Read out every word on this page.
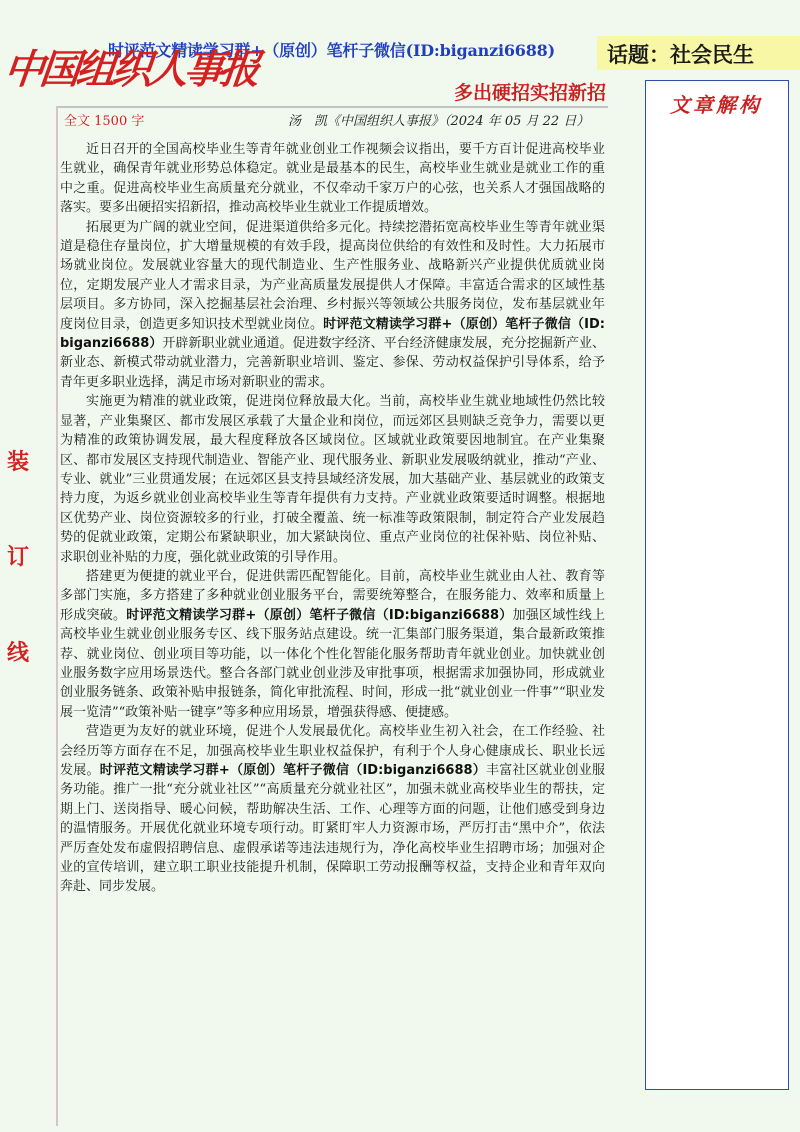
时评范文精读学习群+（原创）笔杆子微信(ID:biganzi6688)
中国组织人事报	话题：社会民生
多出硬招实招新招
全文 1500 字	汤　凯《中国组织人事报》（2024 年 05 月 22 日）
装
订
线
文章解构

近日召开的全国高校毕业生等青年就业创业工作视频会议指出，要千方百计促进高校毕业生就业，确保青年就业形势总体稳定。就业是最基本的民生，高校毕业生就业是就业工作的重中之重。促进高校毕业生高质量充分就业，不仅牵动千家万户的心弦，也关系人才强国战略的落实。要多出硬招实招新招，推动高校毕业生就业工作提质增效。

拓展更为广阔的就业空间，促进渠道供给多元化。持续挖潜拓宽高校毕业生等青年就业渠道是稳住存量岗位，扩大增量规模的有效手段，提高岗位供给的有效性和及时性。大力拓展市场就业岗位。发展就业容量大的现代制造业、生产性服务业、战略新兴产业提供优质就业岗位，定期发展产业人才需求目录，为产业高质量发展提供人才保障。丰富适合需求的区域性基层项目。多方协同，深入挖掘基层社会治理、乡村振兴等领域公共服务岗位，发布基层就业年度岗位目录，创造更多知识技术型就业岗位。时评范文精读学习群+（原创）笔杆子微信（ID:biganzi6688）开辟新职业就业通道。促进数字经济、平台经济健康发展，充分挖掘新产业、新业态、新模式带动就业潜力，完善新职业培训、鉴定、参保、劳动权益保护引导体系，给予青年更多职业选择，满足市场对新职业的需求。

实施更为精准的就业政策，促进岗位释放最大化。当前，高校毕业生就业地域性仍然比较显著，产业集聚区、都市发展区承载了大量企业和岗位，而远郊区县则缺乏竞争力，需要以更为精准的政策协调发展，最大程度释放各区域岗位。区域就业政策要因地制宜。在产业集聚区、都市发展区支持现代制造业、智能产业、现代服务业、新职业发展吸纳就业，推动“产业、专业、就业”三业贯通发展；在远郊区县支持县域经济发展，加大基础产业、基层就业的政策支持力度，为返乡就业创业高校毕业生等青年提供有力支持。产业就业政策要适时调整。根据地区优势产业、岗位资源较多的行业，打破全覆盖、统一标准等政策限制，制定符合产业发展趋势的促就业政策，定期公布紧缺职业，加大紧缺岗位、重点产业岗位的社保补贴、岗位补贴、求职创业补贴的力度，强化就业政策的引导作用。

搭建更为便捷的就业平台，促进供需匹配智能化。目前，高校毕业生就业由人社、教育等多部门实施，多方搭建了多种就业创业服务平台，需要统筹整合，在服务能力、效率和质量上形成突破。时评范文精读学习群+（原创）笔杆子微信（ID:biganzi6688）加强区域性线上高校毕业生就业创业服务专区、线下服务站点建设。统一汇集部门服务渠道，集合最新政策推荐、就业岗位、创业项目等功能，以一体化个性化智能化服务帮助青年就业创业。加快就业创业服务数字应用场景迭代。整合各部门就业创业涉及审批事项，根据需求加强协同，形成就业创业服务链条、政策补贴申报链条，简化审批流程、时间，形成一批“就业创业一件事”“职业发展一览清”“政策补贴一键享”等多种应用场景，增强获得感、便捷感。

营造更为友好的就业环境，促进个人发展最优化。高校毕业生初入社会，在工作经验、社会经历等方面存在不足，加强高校毕业生职业权益保护，有利于个人身心健康成长、职业长远发展。时评范文精读学习群+（原创）笔杆子微信（ID:biganzi6688）丰富社区就业创业服务功能。推广一批“充分就业社区”“高质量充分就业社区”，加强未就业高校毕业生的帮扶，定期上门、送岗指导、暖心问候，帮助解决生活、工作、心理等方面的问题，让他们感受到身边的温情服务。开展优化就业环境专项行动。盯紧盯牢人力资源市场，严厉打击“黑中介”，依法严厉查处发布虚假招聘信息、虚假承诺等违法违规行为，净化高校毕业生招聘市场；加强对企业的宣传培训，建立职工职业技能提升机制，保障职工劳动报酬等权益，支持企业和青年双向奔赴、同步发展。
